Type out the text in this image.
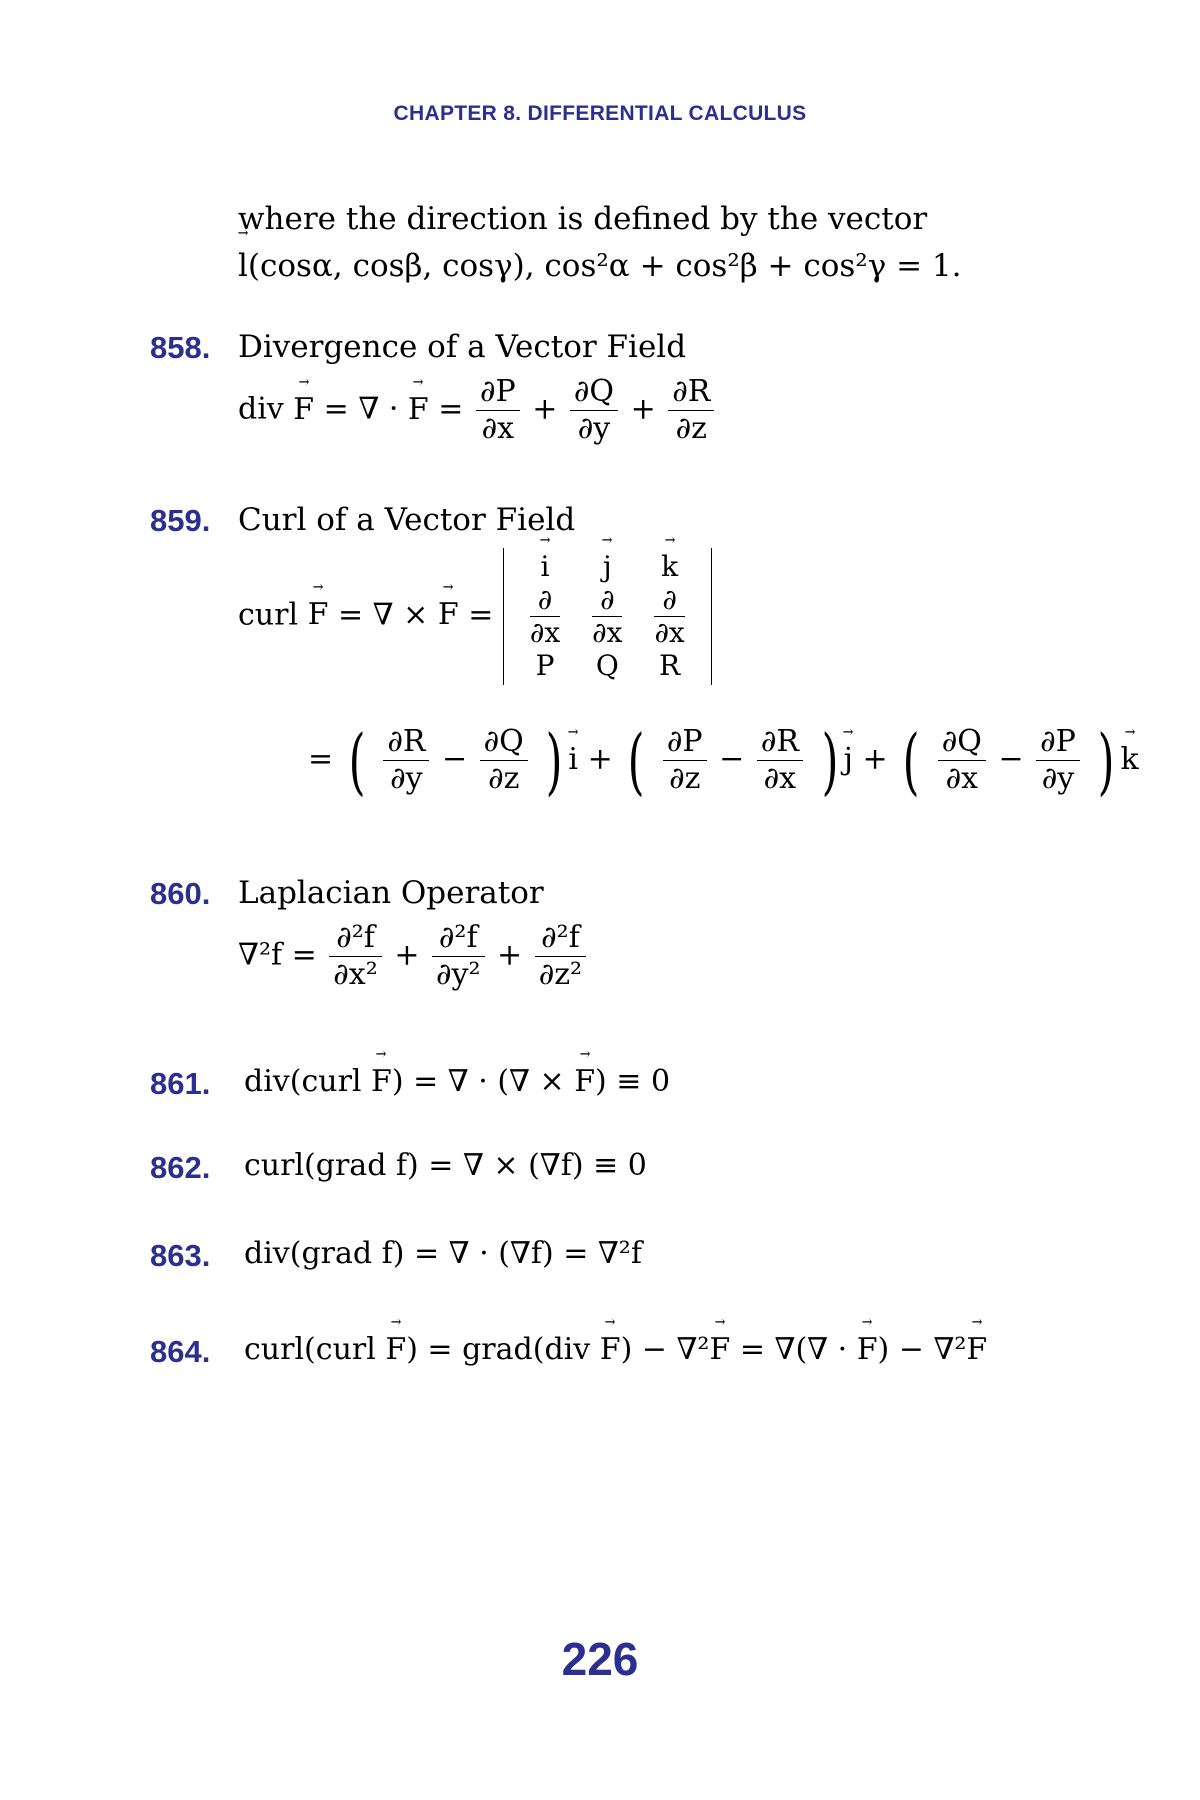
CHAPTER 8. DIFFERENTIAL CALCULUS
where the direction is defined by the vector
→ l(cosα, cosβ, cosγ), cos²α + cos²β + cos²γ = 1.
858. Divergence of a Vector Field
div → F = ∇ · → $F = \frac{\partial P}{\partial x} + \frac{\partial Q}{\partial y} + \frac{\partial R}{\partial z}$
859. Curl of a Vector Field
curl → F = ∇ × → F =
→ i	→ j	→ k

$\frac{\partial}{\partial x}$	$\frac{\partial}{\partial x}$	$\frac{\partial}{\partial x}$

P	Q	R
= ( $\frac{\partial R}{\partial y} - \frac{\partial Q}{\partial z}$ ) → i + ( $\frac{\partial P}{\partial z} - \frac{\partial R}{\partial x}$ ) → j + ( $\frac{\partial Q}{\partial x} - \frac{\partial P}{\partial y}$ ) → k
860. Laplacian Operator
$\nabla^2f = \frac{\text{∂²f}}{\text{∂x²}} + \frac{\text{∂²f}}{\text{∂y²}} + \frac{\text{∂²f}}{\text{∂z²}}$
861. div(curl → F) = ∇ · (∇ × → F) ≡ 0
862. curl(grad f) = ∇ × (∇f) ≡ 0
863. div(grad f) = ∇ · (∇f) = ∇²f
864. curl(curl → F) = grad(div → F) − ∇²→ F = ∇(∇ · → F) − ∇²→ F
226
